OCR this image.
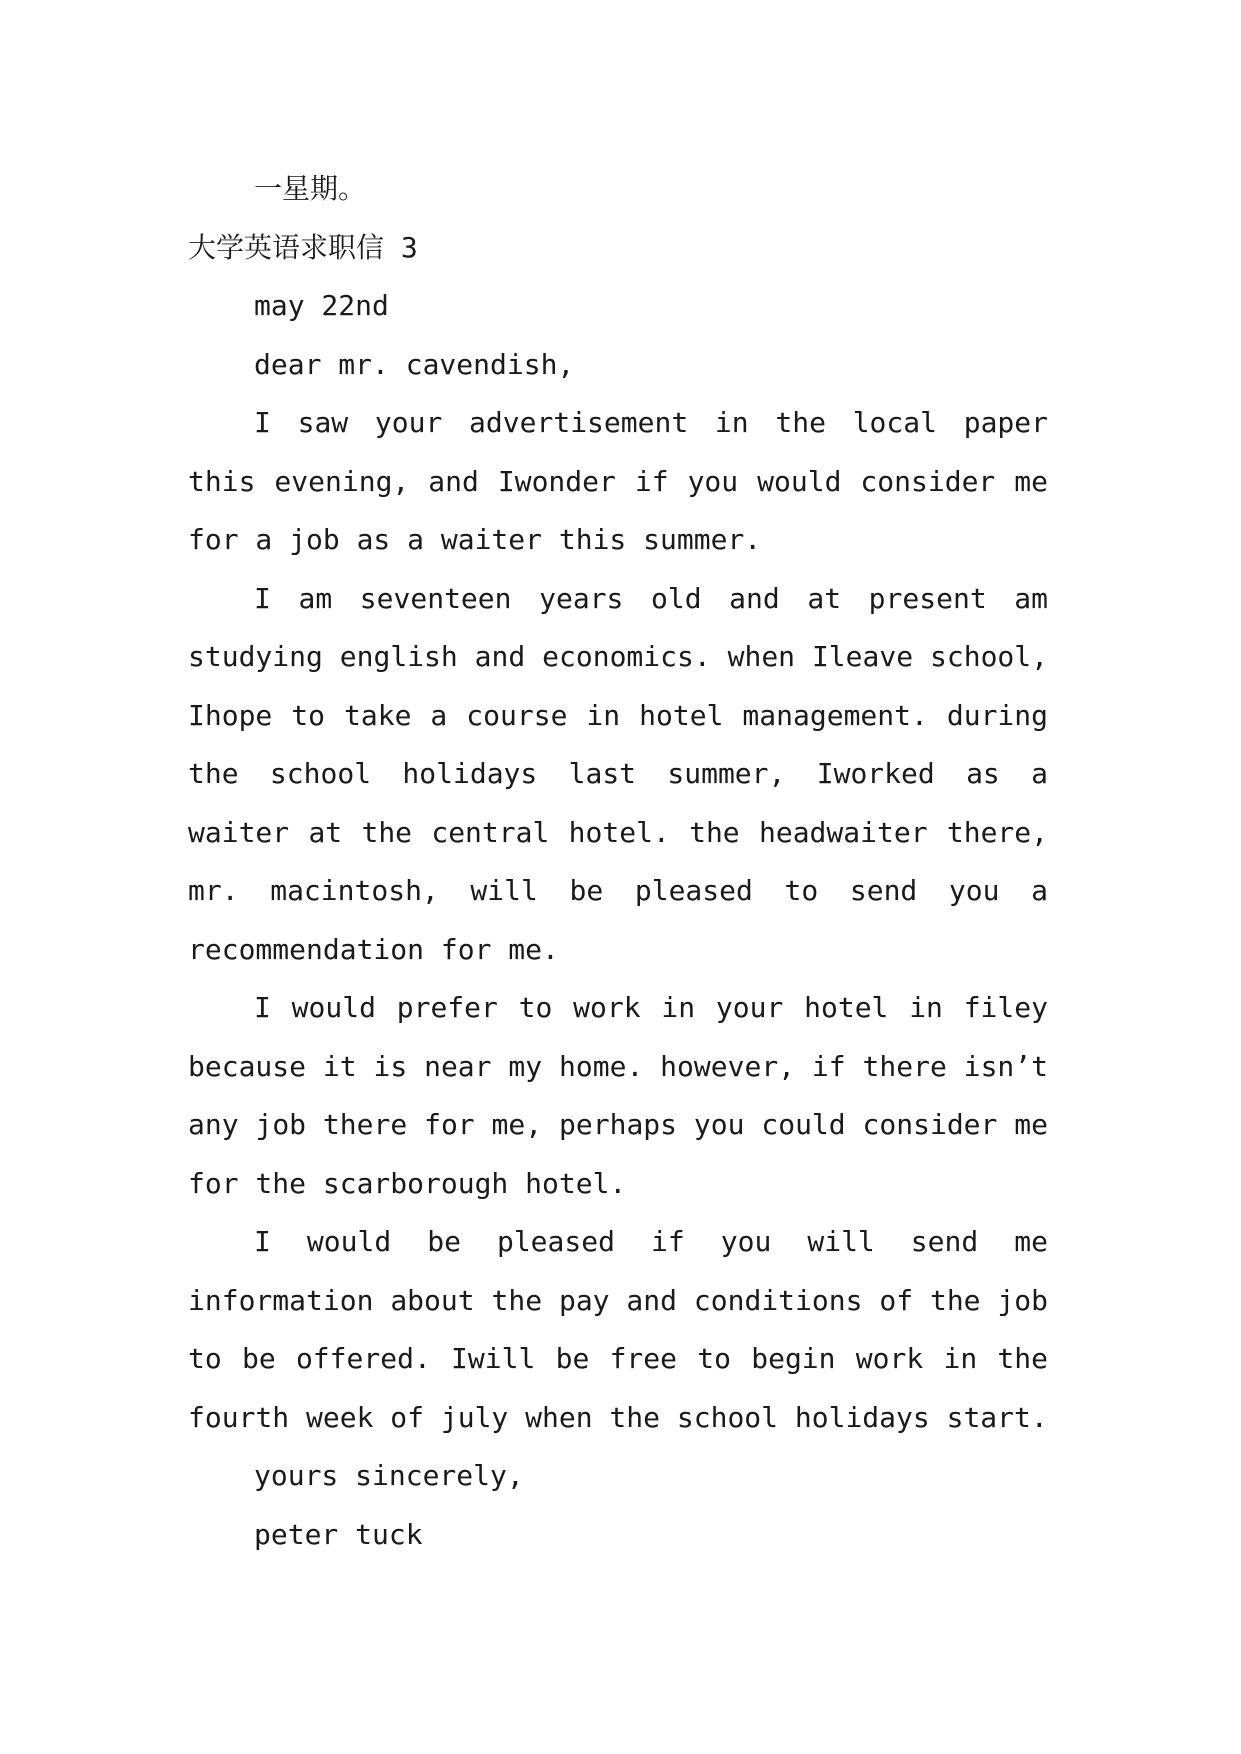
一星期。

大学英语求职信 3

may 22nd

dear mr. cavendish,

I saw your advertisement in the local paper this evening, and Iwonder if you would consider me for a job as a waiter this summer.

I am seventeen years old and at present am studying english and economics. when Ileave school, Ihope to take a course in hotel management. during the school holidays last summer, Iworked as a waiter at the central hotel. the headwaiter there, mr. macintosh, will be pleased to send you a recommendation for me.

I would prefer to work in your hotel in filey because it is near my home. however, if there isn’t any job there for me, perhaps you could consider me for the scarborough hotel.

I would be pleased if you will send me information about the pay and conditions of the job to be offered. Iwill be free to begin work in the fourth week of july when the school holidays start.

yours sincerely,

peter tuck
